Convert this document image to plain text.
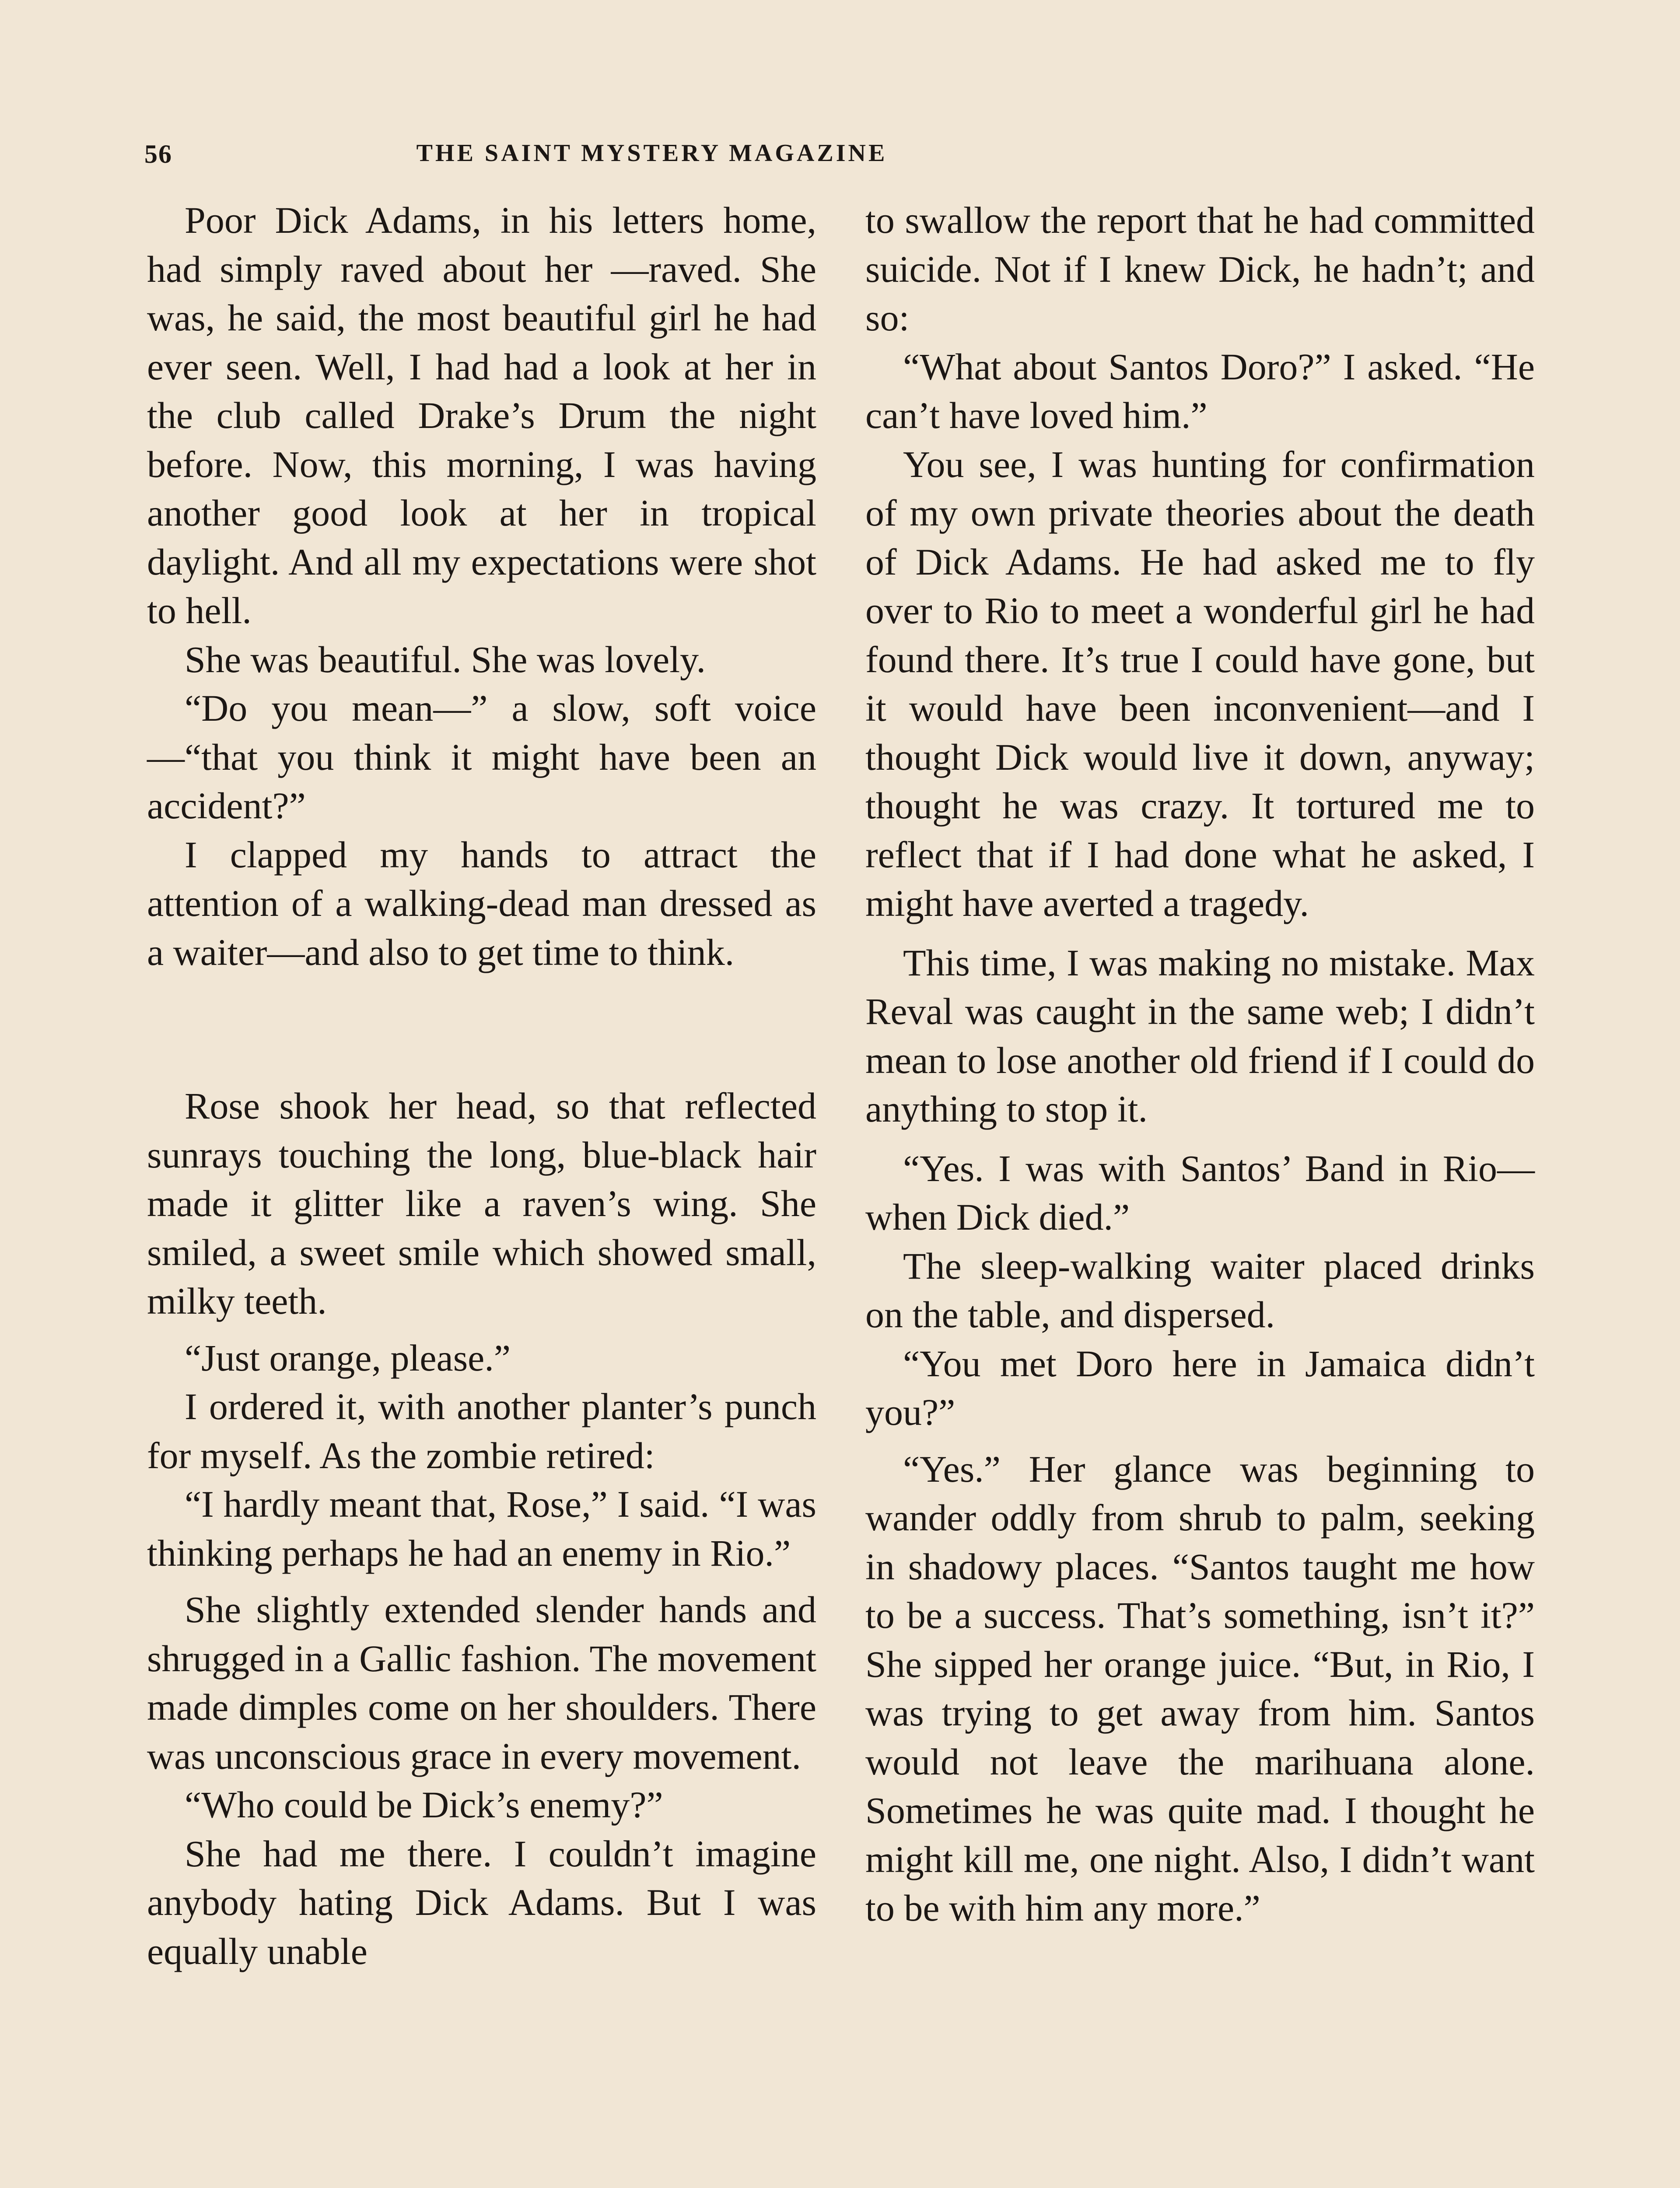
56	THE SAINT MYSTERY MAGAZINE

Poor Dick Adams, in his letters home, had simply raved about her —raved. She was, he said, the most beautiful girl he had ever seen. Well, I had had a look at her in the club called Drake’s Drum the night before. Now, this morning, I was having another good look at her in tropical daylight. And all my expectations were shot to hell.

She was beautiful. She was lovely.

“Do you mean—” a slow, soft voice—“that you think it might have been an accident?”

I clapped my hands to attract the attention of a walking-dead man dressed as a waiter—and also to get time to think.

Rose shook her head, so that reflected sunrays touching the long, blue-black hair made it glitter like a raven’s wing. She smiled, a sweet smile which showed small, milky teeth.

“Just orange, please.”

I ordered it, with another planter’s punch for myself. As the zombie retired:

“I hardly meant that, Rose,” I said. “I was thinking perhaps he had an enemy in Rio.”

She slightly extended slender hands and shrugged in a Gallic fashion. The movement made dimples come on her shoulders. There was unconscious grace in every movement.

“Who could be Dick’s enemy?”

She had me there. I couldn’t imagine anybody hating Dick Adams. But I was equally unable

to swallow the report that he had committed suicide. Not if I knew Dick, he hadn’t; and so:

“What about Santos Doro?” I asked. “He can’t have loved him.”

You see, I was hunting for confirmation of my own private theories about the death of Dick Adams. He had asked me to fly over to Rio to meet a wonderful girl he had found there. It’s true I could have gone, but it would have been inconvenient—and I thought Dick would live it down, anyway; thought he was crazy. It tortured me to reflect that if I had done what he asked, I might have averted a tragedy.

This time, I was making no mistake. Max Reval was caught in the same web; I didn’t mean to lose another old friend if I could do anything to stop it.

“Yes. I was with Santos’ Band in Rio—when Dick died.”

The sleep-walking waiter placed drinks on the table, and dispersed.

“You met Doro here in Jamaica didn’t you?”

“Yes.” Her glance was beginning to wander oddly from shrub to palm, seeking in shadowy places. “Santos taught me how to be a success. That’s something, isn’t it?” She sipped her orange juice. “But, in Rio, I was trying to get away from him. Santos would not leave the marihuana alone. Sometimes he was quite mad. I thought he might kill me, one night. Also, I didn’t want to be with him any more.”
